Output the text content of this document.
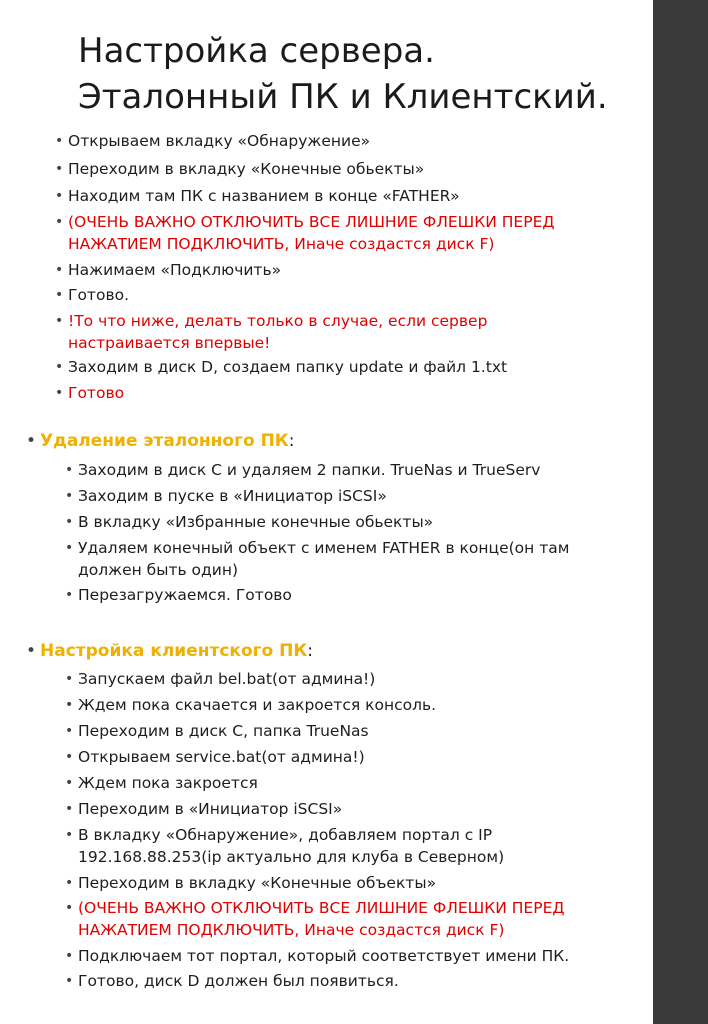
Настройка сервера. Эталонный ПК и Клиентский.
• Открываем вкладку «Обнаружение»
• Переходим в вкладку «Конечные обьекты»
• Находим там ПК с названием в конце «FATHER»
• (ОЧЕНЬ ВАЖНО ОТКЛЮЧИТЬ ВСЕ ЛИШНИЕ ФЛЕШКИ ПЕРЕД НАЖАТИЕМ ПОДКЛЮЧИТЬ, Иначе создастся диск F)
• Нажимаем «Подключить»
• Готово.
• !То что ниже, делать только в случае, если сервер настраивается впервые!
• Заходим в диск D, создаем папку update и файл 1.txt
• Готово
• Удаление эталонного ПК:
• Заходим в диск С и удаляем 2 папки. TrueNas и TrueServ
• Заходим в пуске в «Инициатор iSCSI»
• В вкладку «Избранные конечные обьекты»
• Удаляем конечный объект с именем FATHER в конце(он там должен быть один)
• Перезагружаемся. Готово
• Настройка клиентского ПК:
• Запускаем файл bel.bat(от админа!)
• Ждем пока скачается и закроется консоль.
• Переходим в диск С, папка TrueNas
• Открываем service.bat(от админа!)
• Ждем пока закроется
• Переходим в «Инициатор iSCSI»
• В вкладку «Обнаружение», добавляем портал с IP 192.168.88.253(ip актуально для клуба в Северном)
• Переходим в вкладку «Конечные объекты»
• (ОЧЕНЬ ВАЖНО ОТКЛЮЧИТЬ ВСЕ ЛИШНИЕ ФЛЕШКИ ПЕРЕД НАЖАТИЕМ ПОДКЛЮЧИТЬ, Иначе создастся диск F)
• Подключаем тот портал, который соответствует имени ПК.
• Готово, диск D должен был появиться.
